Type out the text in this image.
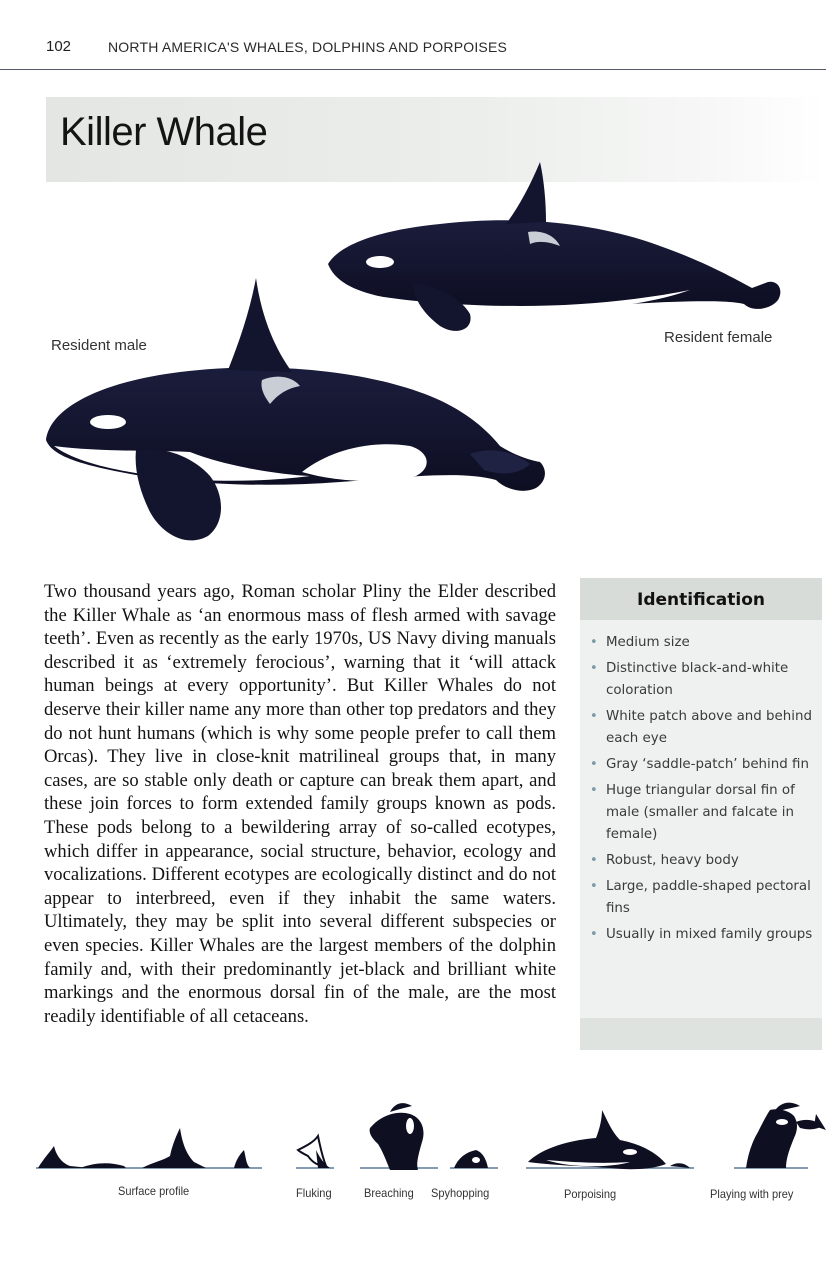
102	NORTH AMERICA'S WHALES, DOLPHINS AND PORPOISES
Killer Whale
Resident male	Resident female

Two thousand years ago, Roman scholar Pliny the Elder described the Killer Whale as ‘an enormous mass of flesh armed with savage teeth’. Even as recently as the early 1970s, US Navy diving manuals described it as ‘extremely ferocious’, warning that it ‘will attack human beings at every opportunity’. But Killer Whales do not deserve their killer name any more than other top predators and they do not hunt humans (which is why some people prefer to call them Orcas). They live in close-knit matrilineal groups that, in many cases, are so stable only death or capture can break them apart, and these join forces to form extended family groups known as pods. These pods belong to a bewildering array of so-called ecotypes, which differ in appearance, social structure, behavior, ecology and vocalizations. Different ecotypes are ecologically distinct and do not appear to interbreed, even if they inhabit the same waters. Ultimately, they may be split into several different subspecies or even species. Killer Whales are the largest members of the dolphin family and, with their predominantly jet-black and brilliant white markings and the enormous dorsal fin of the male, are the most readily identifiable of all cetaceans.

Identification
• Medium size
• Distinctive black-and-white coloration
• White patch above and behind each eye
• Gray ‘saddle-patch’ behind fin
• Huge triangular dorsal fin of male (smaller and falcate in female)
• Robust, heavy body
• Large, paddle-shaped pectoral fins
• Usually in mixed family groups
Surface profile	Fluking	Breaching Spyhopping	Porpoising	Playing with prey
